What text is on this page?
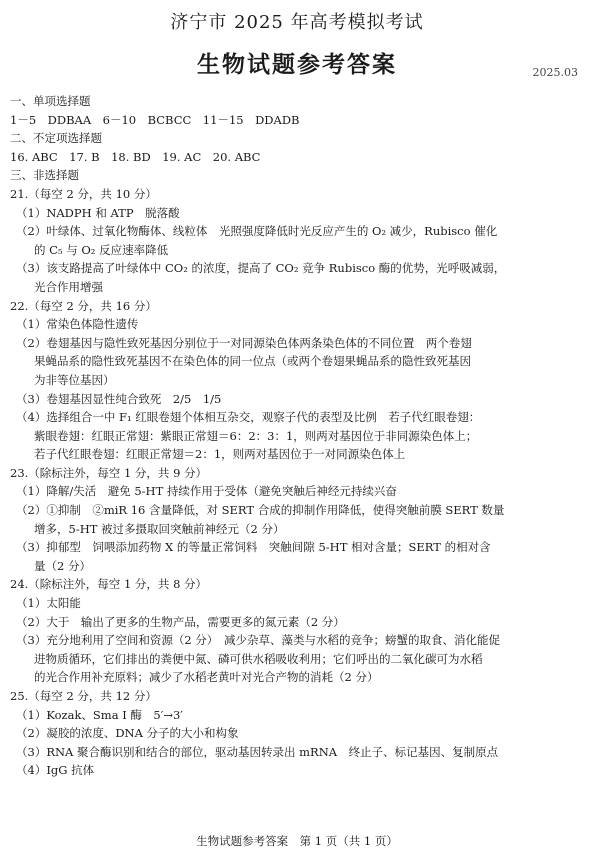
济宁市 2025 年高考模拟考试
生物试题参考答案	2025.03
一、单项选择题
1－5　DDBAA　6－10　BCBCC　11－15　DDADB
二、不定项选择题
16. ABC　17. B　18. BD　19. AC　20. ABC
三、非选择题
21.（每空 2 分，共 10 分）
（1）NADPH 和 ATP　脱落酸
（2）叶绿体、过氧化物酶体、线粒体　光照强度降低时光反应产生的 O₂ 减少，Rubisco 催化
的 C₅ 与 O₂ 反应速率降低
（3）该支路提高了叶绿体中 CO₂ 的浓度，提高了 CO₂ 竞争 Rubisco 酶的优势，光呼吸减弱，
光合作用增强
22.（每空 2 分，共 16 分）
（1）常染色体隐性遗传
（2）卷翅基因与隐性致死基因分别位于一对同源染色体两条染色体的不同位置　两个卷翅
果蝇品系的隐性致死基因不在染色体的同一位点（或两个卷翅果蝇品系的隐性致死基因
为非等位基因）
（3）卷翅基因显性纯合致死　2/5　1/5
（4）选择组合一中 F₁ 红眼卷翅个体相互杂交，观察子代的表型及比例　若子代红眼卷翅：
紫眼卷翅：红眼正常翅：紫眼正常翅＝6：2：3：1，则两对基因位于非同源染色体上；
若子代红眼卷翅：红眼正常翅＝2：1，则两对基因位于一对同源染色体上
23.（除标注外，每空 1 分，共 9 分）
（1）降解/失活　避免 5-HT 持续作用于受体（避免突触后神经元持续兴奋
（2）①抑制　②miR 16 含量降低，对 SERT 合成的抑制作用降低，使得突触前膜 SERT 数量
增多，5-HT 被过多摄取回突触前神经元（2 分）
（3）抑郁型　饲喂添加药物 X 的等量正常饲料　突触间隙 5-HT 相对含量；SERT 的相对含
量（2 分）
24.（除标注外，每空 1 分，共 8 分）
（1）太阳能
（2）大于　输出了更多的生物产品，需要更多的氮元素（2 分）
（3）充分地利用了空间和资源（2 分）　减少杂草、藻类与水稻的竞争；螃蟹的取食、消化能促
进物质循环，它们排出的粪便中氮、磷可供水稻吸收利用；它们呼出的二氧化碳可为水稻
的光合作用补充原料；减少了水稻老黄叶对光合产物的消耗（2 分）
25.（每空 2 分，共 12 分）
（1）Kozak、Sma Ⅰ 酶　5′→3′
（2）凝胶的浓度、DNA 分子的大小和构象
（3）RNA 聚合酶识别和结合的部位，驱动基因转录出 mRNA　终止子、标记基因、复制原点
（4）IgG 抗体
生物试题参考答案　第 1 页（共 1 页）
